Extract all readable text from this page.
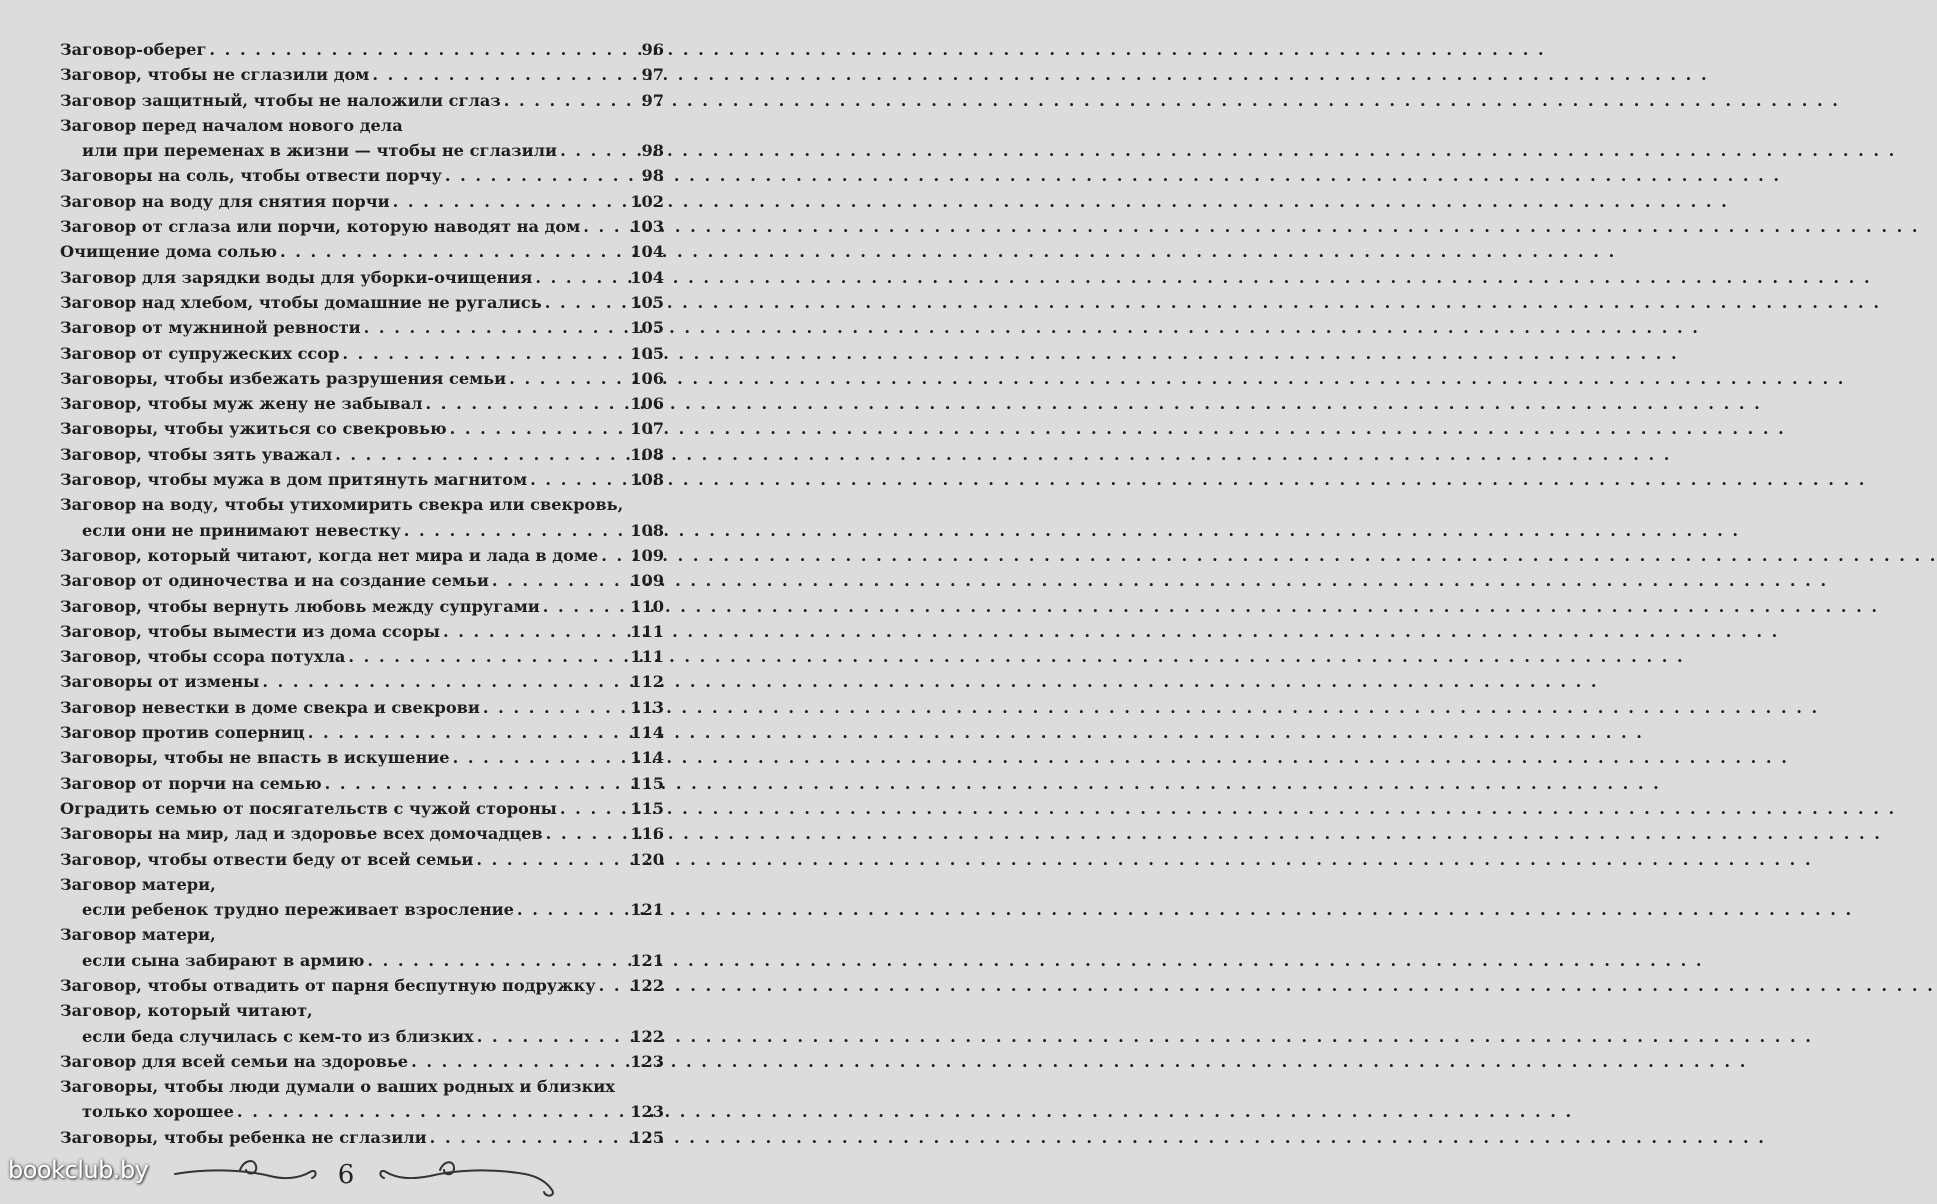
Заговор-оберег . . .	96
Заговор, чтобы не сглазили дом . . .	97
Заговор защитный, чтобы не наложили сглаз . . .	97
Заговор перед началом нового дела
или при переменах в жизни — чтобы не сглазили . . .	98
Заговоры на соль, чтобы отвести порчу . . .	98
Заговор на воду для снятия порчи . . .	102
Заговор от сглаза или порчи, которую наводят на дом . . .	103
Очищение дома солью . . .	104
Заговор для зарядки воды для уборки-очищения . . .	104
Заговор над хлебом, чтобы домашние не ругались . . .	105
Заговор от мужниной ревности . . .	105
Заговор от супружеских ссор . . .	105
Заговоры, чтобы избежать разрушения семьи . . .	106
Заговор, чтобы муж жену не забывал . . .	106
Заговоры, чтобы ужиться со свекровью . . .	107
Заговор, чтобы зять уважал . . .	108
Заговор, чтобы мужа в дом притянуть магнитом . . .	108
Заговор на воду, чтобы утихомирить свекра или свекровь,
если они не принимают невестку . . .	108
Заговор, который читают, когда нет мира и лада в доме . . . 109
Заговор от одиночества и на создание семьи . . .	109
Заговор, чтобы вернуть любовь между супругами . . .	110
Заговор, чтобы вымести из дома ссоры . . .	111
Заговор, чтобы ссора потухла . . .	111
Заговоры от измены . . .	112
Заговор невестки в доме свекра и свекрови . . .	113
Заговор против соперниц . . .	114
Заговоры, чтобы не впасть в искушение . . .	114
Заговор от порчи на семью . . .	115
Оградить семью от посягательств с чужой стороны . . .	115
Заговоры на мир, лад и здоровье всех домочадцев . . .	116
Заговор, чтобы отвести беду от всей семьи . . .	120
Заговор матери,
если ребенок трудно переживает взросление . . .	121
Заговор матери,
если сына забирают в армию . . .	121
Заговор, чтобы отвадить от парня беспутную подружку . . . 122
Заговор, который читают,
если беда случилась с кем-то из близких . . .	122
Заговор для всей семьи на здоровье . . .	123
Заговоры, чтобы люди думали о ваших родных и близких
только хорошее . . .	123
Заговоры, чтобы ребенка не сглазили . . .	125
bookclub.by	6
